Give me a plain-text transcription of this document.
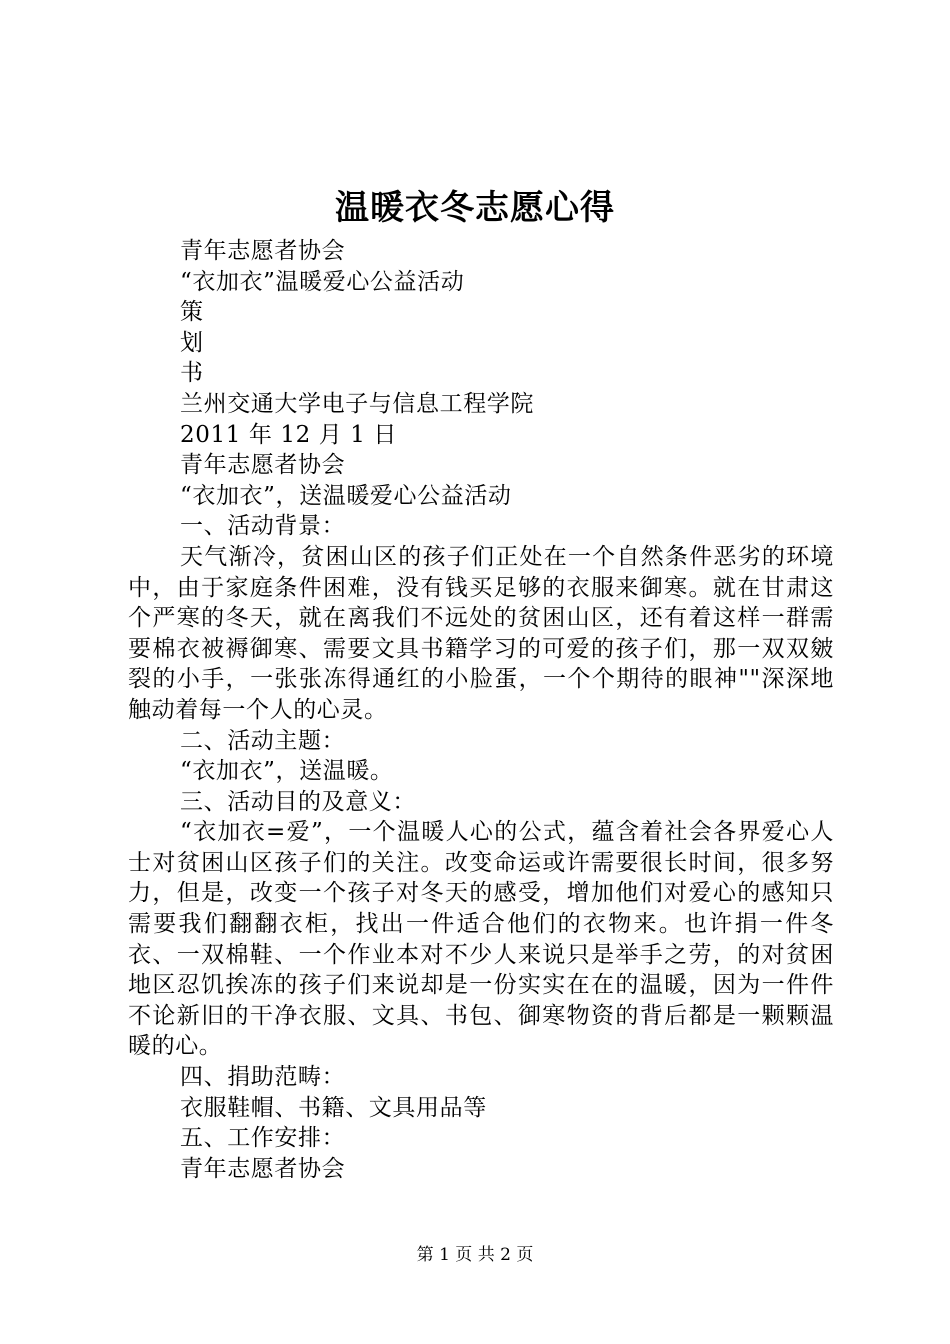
温暖衣冬志愿心得
青年志愿者协会
“衣加衣”温暖爱心公益活动
策
划
书
兰州交通大学电子与信息工程学院
2011 年 12 月 1 日
青年志愿者协会
“衣加衣”，送温暖爱心公益活动
一、活动背景：
天气渐冷，贫困山区的孩子们正处在一个自然条件恶劣的环境中，由于家庭条件困难，没有钱买足够的衣服来御寒。就在甘肃这个严寒的冬天，就在离我们不远处的贫困山区，还有着这样一群需要棉衣被褥御寒、需要文具书籍学习的可爱的孩子们，那一双双皴裂的小手，一张张冻得通红的小脸蛋，一个个期待的眼神""深深地触动着每一个人的心灵。
二、活动主题：
“衣加衣”，送温暖。
三、活动目的及意义：
“衣加衣=爱”，一个温暖人心的公式，蕴含着社会各界爱心人士对贫困山区孩子们的关注。改变命运或许需要很长时间，很多努力，但是，改变一个孩子对冬天的感受，增加他们对爱心的感知只需要我们翻翻衣柜，找出一件适合他们的衣物来。也许捐一件冬衣、一双棉鞋、一个作业本对不少人来说只是举手之劳，的对贫困地区忍饥挨冻的孩子们来说却是一份实实在在的温暖，因为一件件不论新旧的干净衣服、文具、书包、御寒物资的背后都是一颗颗温暖的心。
四、捐助范畴：
衣服鞋帽、书籍、文具用品等
五、工作安排：
青年志愿者协会
第 1 页 共 2 页
